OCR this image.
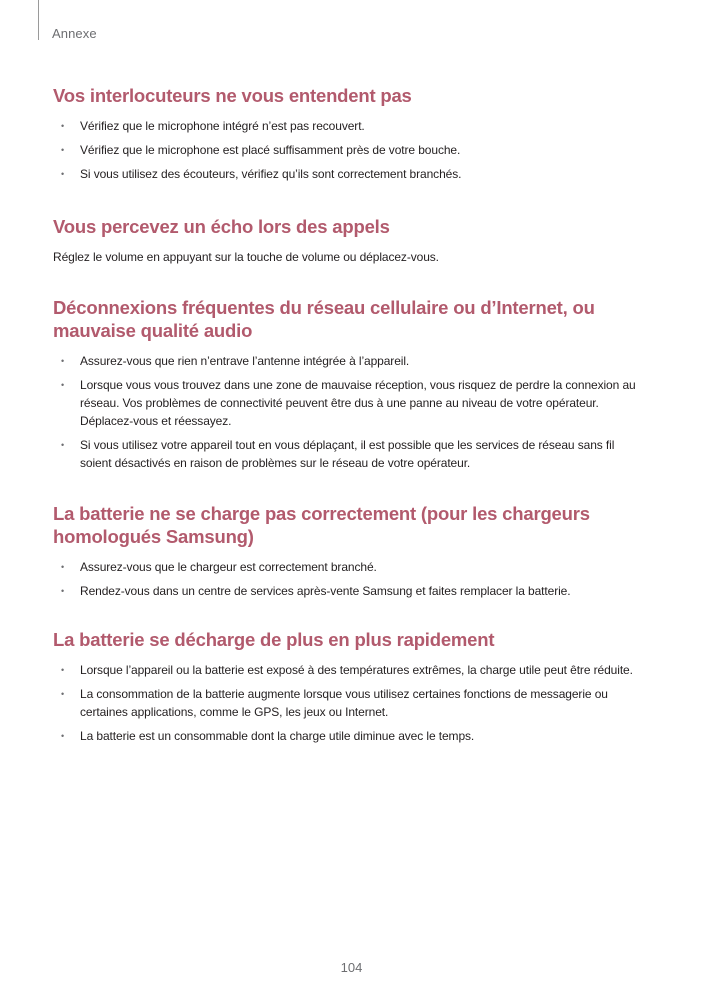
Annexe
Vos interlocuteurs ne vous entendent pas
• Vérifiez que le microphone intégré n’est pas recouvert.
• Vérifiez que le microphone est placé suffisamment près de votre bouche.
• Si vous utilisez des écouteurs, vérifiez qu’ils sont correctement branchés.
Vous percevez un écho lors des appels

Réglez le volume en appuyant sur la touche de volume ou déplacez-vous.

Déconnexions fréquentes du réseau cellulaire ou d’Internet, ou mauvaise qualité audio
• Assurez-vous que rien n’entrave l’antenne intégrée à l’appareil.
• Lorsque vous vous trouvez dans une zone de mauvaise réception, vous risquez de perdre la connexion au réseau. Vos problèmes de connectivité peuvent être dus à une panne au niveau de votre opérateur. Déplacez-vous et réessayez.
• Si vous utilisez votre appareil tout en vous déplaçant, il est possible que les services de réseau sans fil soient désactivés en raison de problèmes sur le réseau de votre opérateur.
La batterie ne se charge pas correctement (pour les chargeurs homologués Samsung)
• Assurez-vous que le chargeur est correctement branché.
• Rendez-vous dans un centre de services après-vente Samsung et faites remplacer la batterie.
La batterie se décharge de plus en plus rapidement
• Lorsque l’appareil ou la batterie est exposé à des températures extrêmes, la charge utile peut être réduite.
• La consommation de la batterie augmente lorsque vous utilisez certaines fonctions de messagerie ou certaines applications, comme le GPS, les jeux ou Internet.
• La batterie est un consommable dont la charge utile diminue avec le temps.
104
